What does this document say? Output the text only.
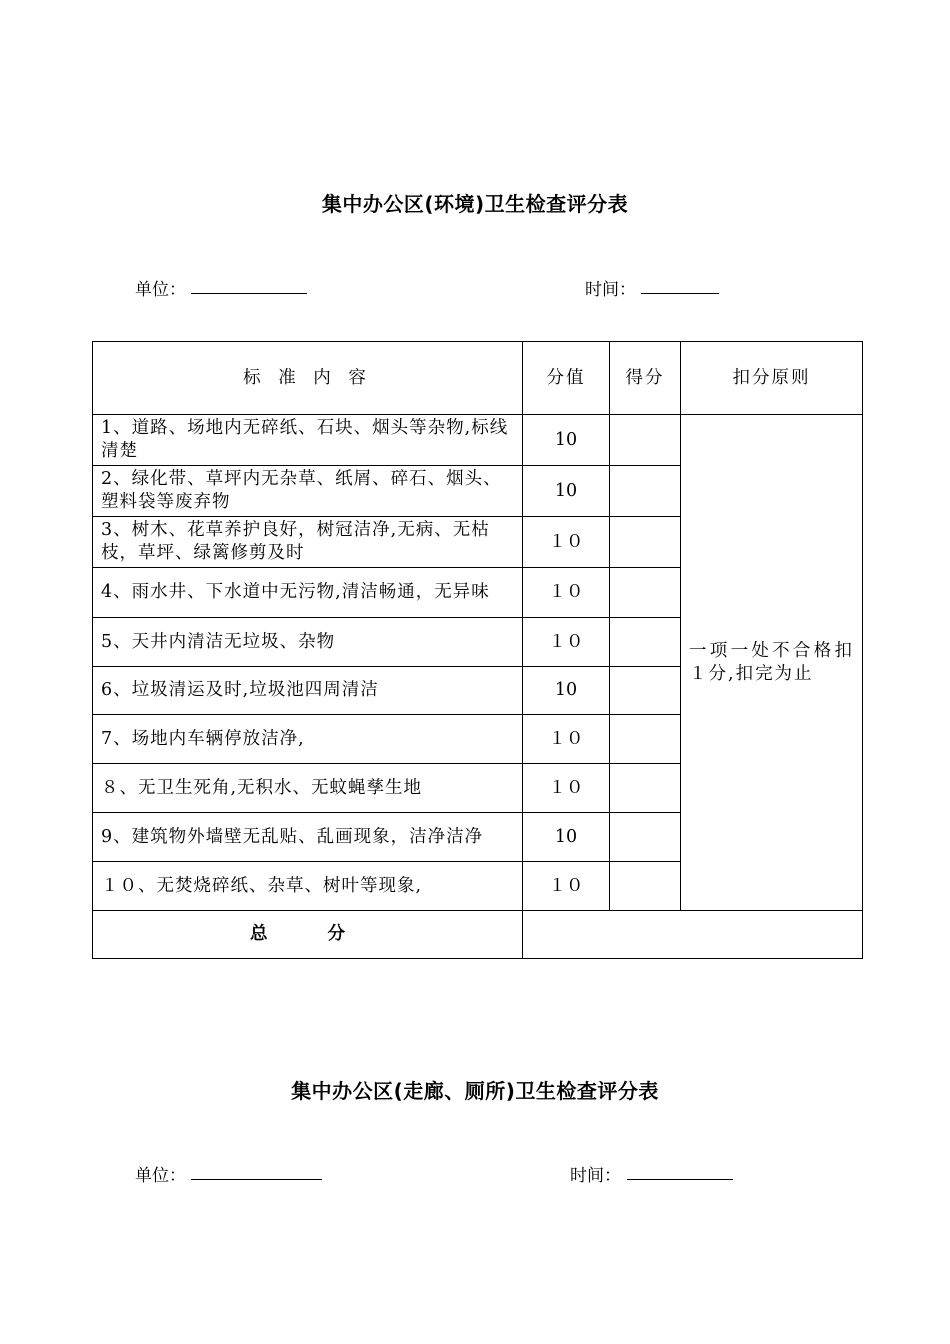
集中办公区(环境)卫生检查评分表
单位：	时间：
标 准 内 容	分值	得分	扣分原则
1、道路、场地内无碎纸、石块、烟头等杂物,标线清楚	10		一项一处不合格扣１分,扣完为止
2、绿化带、草坪内无杂草、纸屑、碎石、烟头、塑料袋等废弃物	10		
3、树木、花草养护良好，树冠洁净,无病、无枯枝，草坪、绿篱修剪及时	１０		
4、雨水井、下水道中无污物,清洁畅通，无异味	１０		
5、天井内清洁无垃圾、杂物	１０		
6、垃圾清运及时,垃圾池四周清洁	10		
7、场地内车辆停放洁净,	１０		
８、无卫生死角,无积水、无蚊蝇孳生地	１０		
9、建筑物外墙壁无乱贴、乱画现象，洁净洁净	10		
１０、无焚烧碎纸、杂草、树叶等现象,	１０		
总分			
集中办公区(走廊、厕所)卫生检查评分表
单位：	时间：
